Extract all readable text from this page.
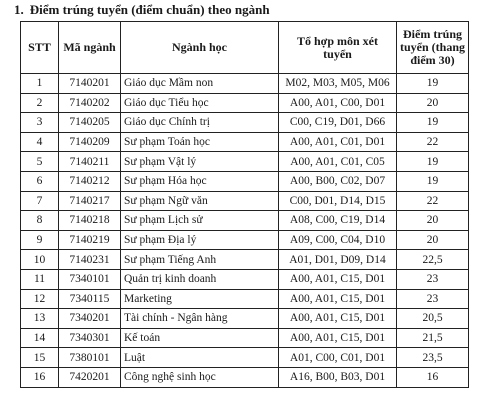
1. Điểm trúng tuyển (điểm chuẩn) theo ngành
STT	Mã ngành	Ngành học	Tổ hợp môn xét tuyển	Điểm trúng tuyển (thang điểm 30)
1	7140201	Giáo dục Mầm non	M02, M03, M05, M06	19
2	7140202	Giáo dục Tiểu học	A00, A01, C00, D01	20
3	7140205	Giáo dục Chính trị	C00, C19, D01, D66	19
4	7140209	Sư phạm Toán học	A00, A01, C01, D01	22
5	7140211	Sư phạm Vật lý	A00, A01, C01, C05	19
6	7140212	Sư phạm Hóa học	A00, B00, C02, D07	19
7	7140217	Sư phạm Ngữ văn	C00, D01, D14, D15	22
8	7140218	Sư phạm Lịch sử	A08, C00, C19, D14	20
9	7140219	Sư phạm Địa lý	A09, C00, C04, D10	20
10	7140231	Sư phạm Tiếng Anh	A01, D01, D09, D14	22,5
11	7340101	Quản trị kinh doanh	A00, A01, C15, D01	23
12	7340115	Marketing	A00, A01, C15, D01	23
13	7340201	Tài chính - Ngân hàng	A00, A01, C15, D01	20,5
14	7340301	Kế toán	A00, A01, C15, D01	21,5
15	7380101	Luật	A01, C00, C01, D01	23,5
16	7420201	Công nghệ sinh học	A16, B00, B03, D01	16
